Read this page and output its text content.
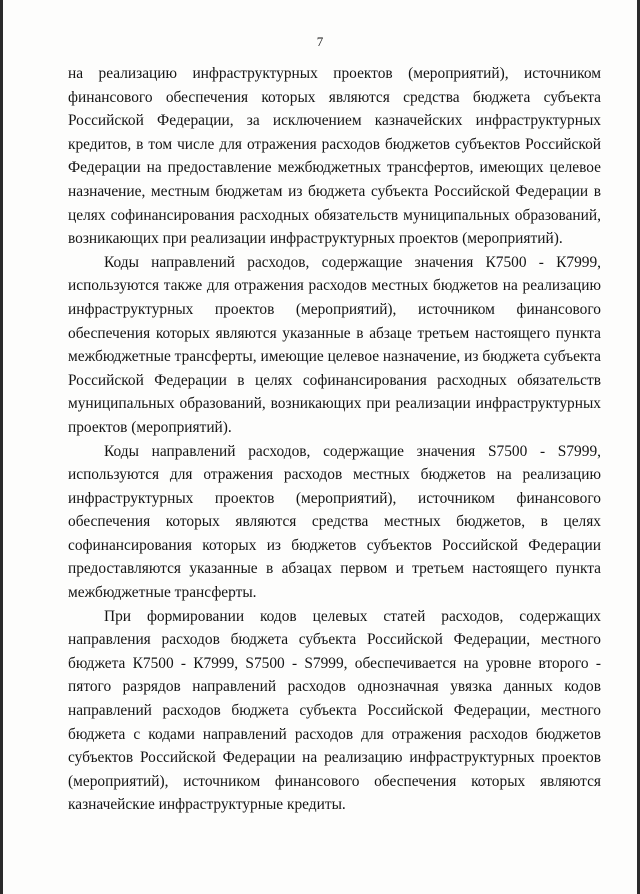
7

на реализацию инфраструктурных проектов (мероприятий), источником финансового обеспечения которых являются средства бюджета субъекта Российской Федерации, за исключением казначейских инфраструктурных кредитов, в том числе для отражения расходов бюджетов субъектов Российской Федерации на предоставление межбюджетных трансфертов, имеющих целевое назначение, местным бюджетам из бюджета субъекта Российской Федерации в целях софинансирования расходных обязательств муниципальных образований, возникающих при реализации инфраструктурных проектов (мероприятий).

Коды направлений расходов, содержащие значения К7500 - К7999, используются также для отражения расходов местных бюджетов на реализацию инфраструктурных проектов (мероприятий), источником финансового обеспечения которых являются указанные в абзаце третьем настоящего пункта межбюджетные трансферты, имеющие целевое назначение, из бюджета субъекта Российской Федерации в целях софинансирования расходных обязательств муниципальных образований, возникающих при реализации инфраструктурных проектов (мероприятий).

Коды направлений расходов, содержащие значения S7500 - S7999, используются для отражения расходов местных бюджетов на реализацию инфраструктурных проектов (мероприятий), источником финансового обеспечения которых являются средства местных бюджетов, в целях софинансирования которых из бюджетов субъектов Российской Федерации предоставляются указанные в абзацах первом и третьем настоящего пункта межбюджетные трансферты.

При формировании кодов целевых статей расходов, содержащих направления расходов бюджета субъекта Российской Федерации, местного бюджета К7500 - К7999, S7500 - S7999, обеспечивается на уровне второго - пятого разрядов направлений расходов однозначная увязка данных кодов направлений расходов бюджета субъекта Российской Федерации, местного бюджета с кодами направлений расходов для отражения расходов бюджетов субъектов Российской Федерации на реализацию инфраструктурных проектов (мероприятий), источником финансового обеспечения которых являются казначейские инфраструктурные кредиты.
